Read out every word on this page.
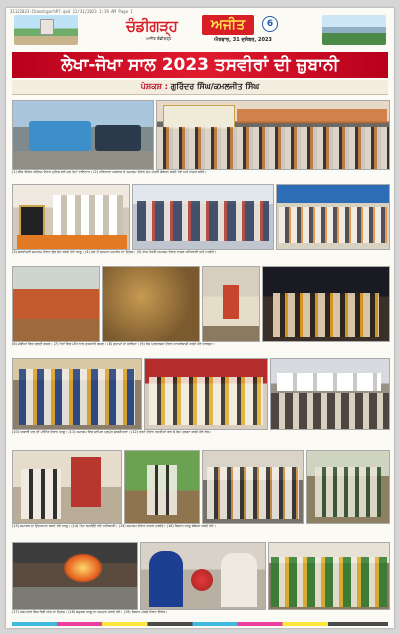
31122023-ChandigarhP7.qxd 12/31/2023 1:19 AM Page 1
ਚੰਡੀਗੜ੍ਹ	ਅਜੀਤ	6
ਅਜੀਤ ਚੰਡੀਗੜ੍ਹ	ਐਤਵਾਰ, 31 ਦਸੰਬਰ, 2023
ਲੇਖਾ-ਜੋਖਾ ਸਾਲ 2023 ਤਸਵੀਰਾਂ ਦੀ ਜ਼ੁਬਾਨੀ
ਪੇਸ਼ਕਸ਼ : ਗੁਰਿੰਦਰ ਸਿੰਘ/ਕਮਲਜੀਤ ਸਿੰਘ
(1) ਫੀਸ ਵਿਰੋਧ ਅੰਦੋਲਨ ਦੌਰਾਨ ਪੁਲਿਸ ਵਲੋਂ ਜਲ ਤੋਪਾਂ ਤਾਇਨਾਤ। (2) ਹਰਿਆਣਾ ਸਰਕਾਰ ਦੇ ਸਮਾਗਮ ਦੌਰਾਨ ਮੁੱਖ ਮੰਤਰੀ ਸੰਬੋਧਨ ਕਰਦੇ ਹੋਏ ਅਤੇ ਹਾਜ਼ਰ ਸਰੋਤੇ।
(3) ਸ਼ਰਧਾਂਜਲੀ ਸਮਾਗਮ ਦੌਰਾਨ ਫੁੱਲ ਭੇਟ ਕਰਦੇ ਹੋਏ ਆਗੂ। (4) ਮੰਚ ਤੋਂ ਸਨਮਾਨ ਸਮਾਰੋਹ ਦਾ ਦ੍ਰਿਸ਼। (5) ਰਾਜ ਪੱਧਰੀ ਸਮਾਗਮ ਦੌਰਾਨ ਹਾਜ਼ਰ ਅਧਿਕਾਰੀ ਅਤੇ ਪਤਵੰਤੇ।
(6) ਮੰਡੀਆਂ ਵਿਚ ਰੁਲਦੀ ਫ਼ਸਲ। (7) ਖੇਤਾਂ ਵਿਚ ਮੀਂਹ ਨਾਲ ਨੁਕਸਾਨੀ ਫ਼ਸਲ। (8) ਗੁਦਾਮਾਂ ਦਾ ਜਾਇਜ਼ਾ। (9) ਰੋਸ ਪ੍ਰਦਰਸ਼ਨ ਦੌਰਾਨ ਨਾਅਰੇਬਾਜ਼ੀ ਕਰਦੇ ਹੋਏ ਕਾਰਕੁਨ।
(10) ਅਕਾਲੀ ਦਲ ਦੀ ਮੀਟਿੰਗ ਦੌਰਾਨ ਆਗੂ। (11) ਸਮਾਗਮ ਵਿਚ ਸ਼ਾਮਿਲ ਪ੍ਰਮੁੱਖ ਸ਼ਖ਼ਸੀਅਤਾਂ। (12) ਧਰਨੇ ਦੌਰਾਨ ਤਖ਼ਤੀਆਂ ਫੜ ਕੇ ਰੋਸ ਪ੍ਰਗਟ ਕਰਦੇ ਹੋਏ ਲੋਕ।
(13) ਸਮਾਰਕ ਦਾ ਉਦਘਾਟਨ ਕਰਦੇ ਹੋਏ ਆਗੂ। (14) ਪੌਦਾ ਲਗਾਉਂਦੇ ਹੋਏ ਅਧਿਕਾਰੀ। (15) ਸਮਾਗਮ ਦੌਰਾਨ ਹਾਜ਼ਰ ਪਤਵੰਤੇ। (16) ਕਿਸਾਨ ਆਗੂ ਸੰਬੋਧਨ ਕਰਦੇ ਹੋਏ।
(17) ਹਸਪਤਾਲ ਵਿਚ ਲੱਗੀ ਅੱਗ ਦਾ ਦ੍ਰਿਸ਼। (18) ਬਜ਼ੁਰਗ ਆਗੂ ਦਾ ਸਨਮਾਨ ਕਰਦੇ ਹੋਏ। (19) ਕਿਸਾਨ ਮੋਰਚੇ ਦੌਰਾਨ ਇਕੱਠ।
